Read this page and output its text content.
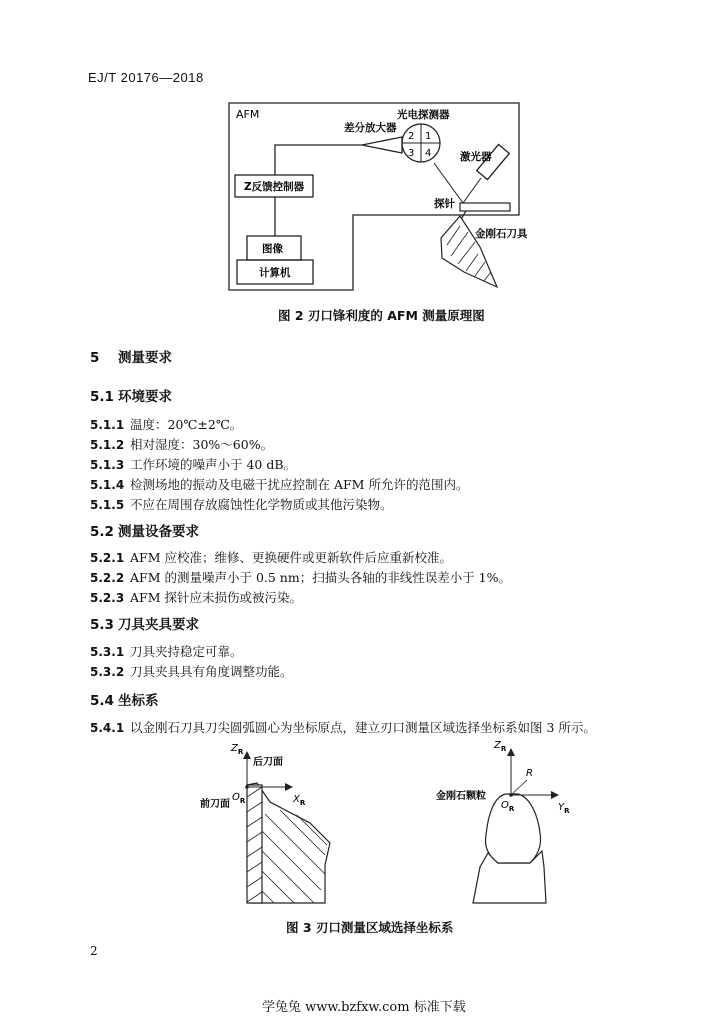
EJ/T 20176—2018
AFM
2 1
3 4
光电探测器
差分放大器
Z反馈控制器
图像
计算机
激光器
探针
金刚石刀具
图 2 刃口锋利度的 AFM 测量原理图
5 测量要求
5.1 环境要求
5.1.1 温度：20℃±2℃。
5.1.2 相对湿度：30%～60%。
5.1.3 工作环境的噪声小于 40 dB。
5.1.4 检测场地的振动及电磁干扰应控制在 AFM 所允许的范围内。
5.1.5 不应在周围存放腐蚀性化学物质或其他污染物。
5.2 测量设备要求
5.2.1 AFM 应校准；维修、更换硬件或更新软件后应重新校准。
5.2.2 AFM 的测量噪声小于 0.5 nm；扫描头各轴的非线性误差小于 1%。
5.2.3 AFM 探针应未损伤或被污染。
5.3 刀具夹具要求
5.3.1 刀具夹持稳定可靠。
5.3.2 刀具夹具具有角度调整功能。
5.4 坐标系
5.4.1 以金刚石刀具刀尖圆弧圆心为坐标原点，建立刃口测量区域选择坐标系如图 3 所示。
$Z_R$
$X_R$
$O_R$
后刀面
前刀面
$Z_R$
$Y_R$
$O_R$
R
金刚石颗粒
图 3 刃口测量区域选择坐标系
2
学兔兔 www.bzfxw.com 标准下载
